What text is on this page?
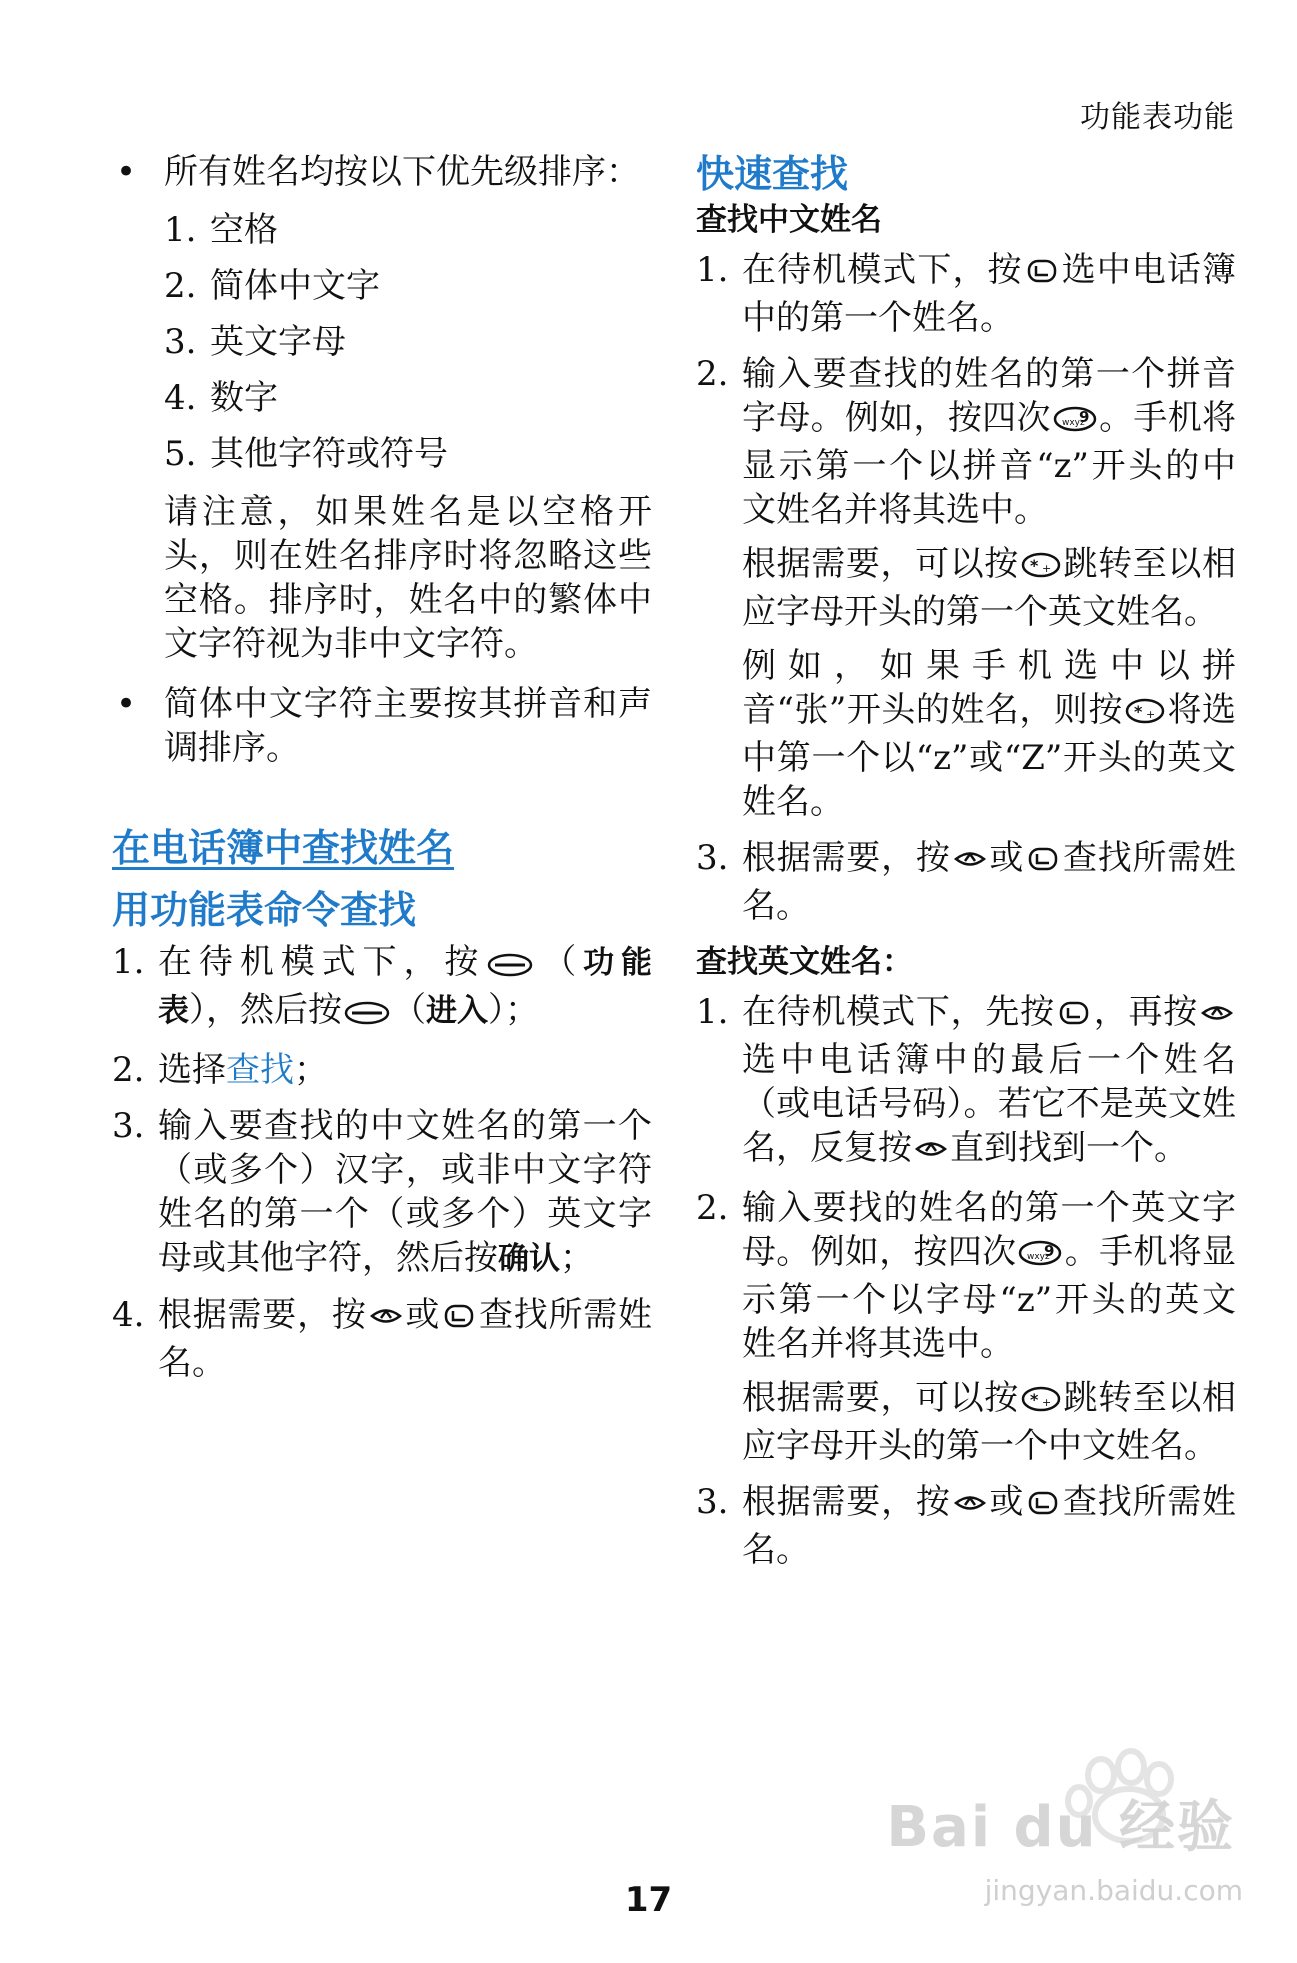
功能表功能
• 所有姓名均按以下优先级排序：

1. 空格
2. 简体中文字
3. 英文字母
4. 数字
5. 其他字符或符号

请注意，如果姓名是以空格开头，则在姓名排序时将忽略这些空格。排序时，姓名中的繁体中文字符视为非中文字符。

• 简体中文字符主要按其拼音和声调排序。

在电话簿中查找姓名
用功能表命令查找
1. 在待机模式下，按 （功能表），然后按 （进入）；

2. 选择查找；

3. 输入要查找的中文姓名的第一个（或多个）汉字，或非中文字符姓名的第一个（或多个）英文字母或其他字符，然后按确认；

4. 根据需要，按 或 查找所需姓名。

快速查找
查找中文姓名
1. 在待机模式下，按 选中电话簿中的第一个姓名。

2. 输入要查找的姓名的第一个拼音字母。例如，按四次 wxyz
9 。手机将显示第一个以拼音“z”开头的中文姓名并将其选中。

根据需要，可以按 * + 跳转至以相应字母开头的第一个英文姓名。

例如，如果手机选中以拼音“张”开头的姓名，则按 * + 将选中第一个以“z”或“Z”开头的英文姓名。

3. 根据需要，按 或 查找所需姓名。

查找英文姓名：
1. 在待机模式下，先按 ，再按选中电话簿中的最后一个姓名（或电话号码）。若它不是英文姓名，反复按 直到找到一个。

2. 输入要找的姓名的第一个英文字母。例如，按四次 wxyz
9 。手机将显示第一个以字母“z”开头的英文姓名并将其选中。

根据需要，可以按 * + 跳转至以相应字母开头的第一个中文姓名。

3. 根据需要，按 或 查找所需姓名。

Bai du 经验
jingyan.baidu.com
17
